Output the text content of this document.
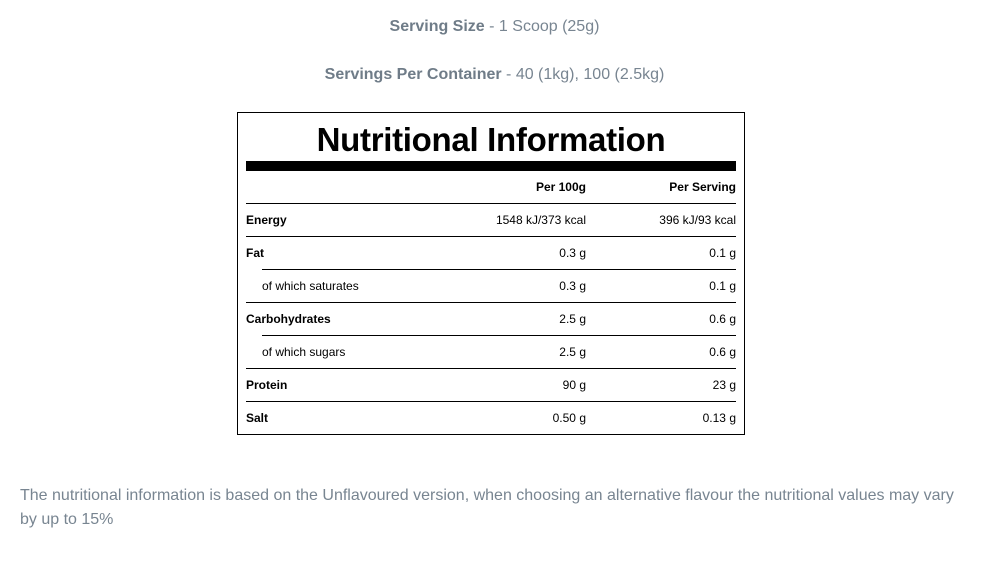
Serving Size - 1 Scoop (25g)
Servings Per Container - 40 (1kg), 100 (2.5kg)
Nutritional Information
Per 100g	Per Serving
Energy	1548 kJ/373 kcal	396 kJ/93 kcal
Fat	0.3 g	0.1 g
of which saturates	0.3 g	0.1 g
Carbohydrates	2.5 g	0.6 g
of which sugars	2.5 g	0.6 g
Protein	90 g	23 g
Salt	0.50 g	0.13 g
The nutritional information is based on the Unflavoured version, when choosing an alternative flavour the nutritional values may vary by up to 15%
